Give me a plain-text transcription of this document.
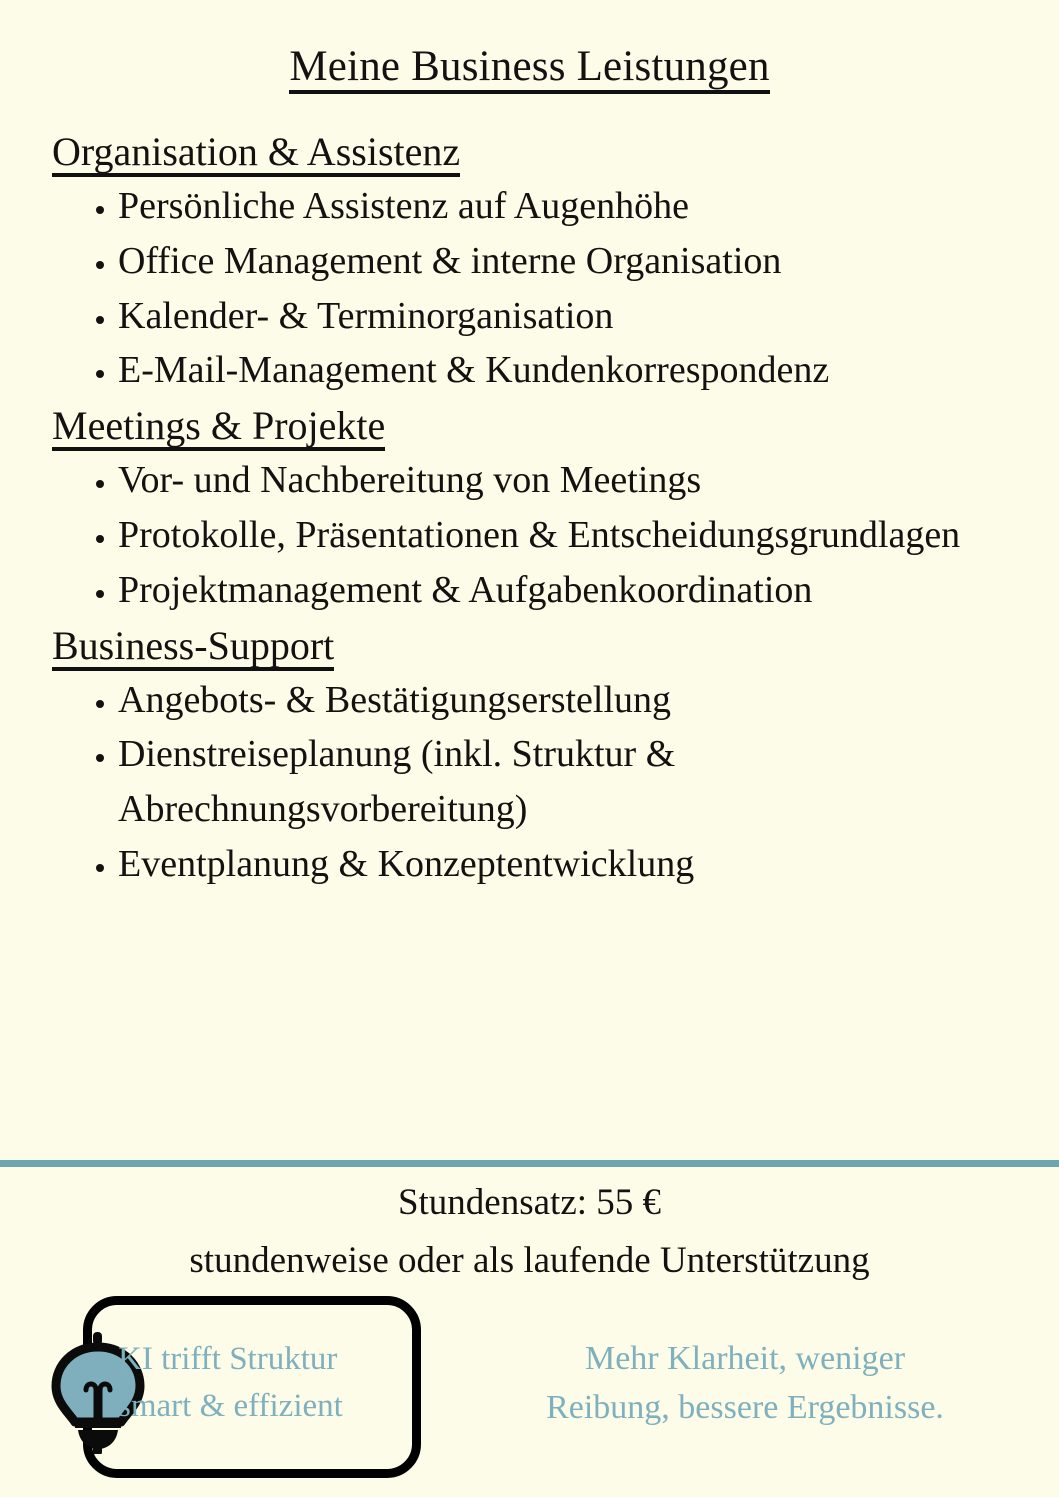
Meine Business Leistungen
Organisation & Assistenz
Persönliche Assistenz auf Augenhöhe
Office Management & interne Organisation
Kalender- & Terminorganisation
E-Mail-Management & Kundenkorrespondenz
Meetings & Projekte
Vor- und Nachbereitung von Meetings
Protokolle, Präsentationen & Entscheidungsgrundlagen
Projektmanagement & Aufgabenkoordination
Business-Support
Angebots- & Bestätigungserstellung
Dienstreiseplanung (inkl. Struktur & Abrechnungsvorbereitung)
Eventplanung & Konzeptentwicklung

Stundensatz: 55 €

stundenweise oder als laufende Unterstützung

KI trifft Struktur
smart & effizient
Mehr Klarheit, weniger
Reibung, bessere Ergebnisse.
